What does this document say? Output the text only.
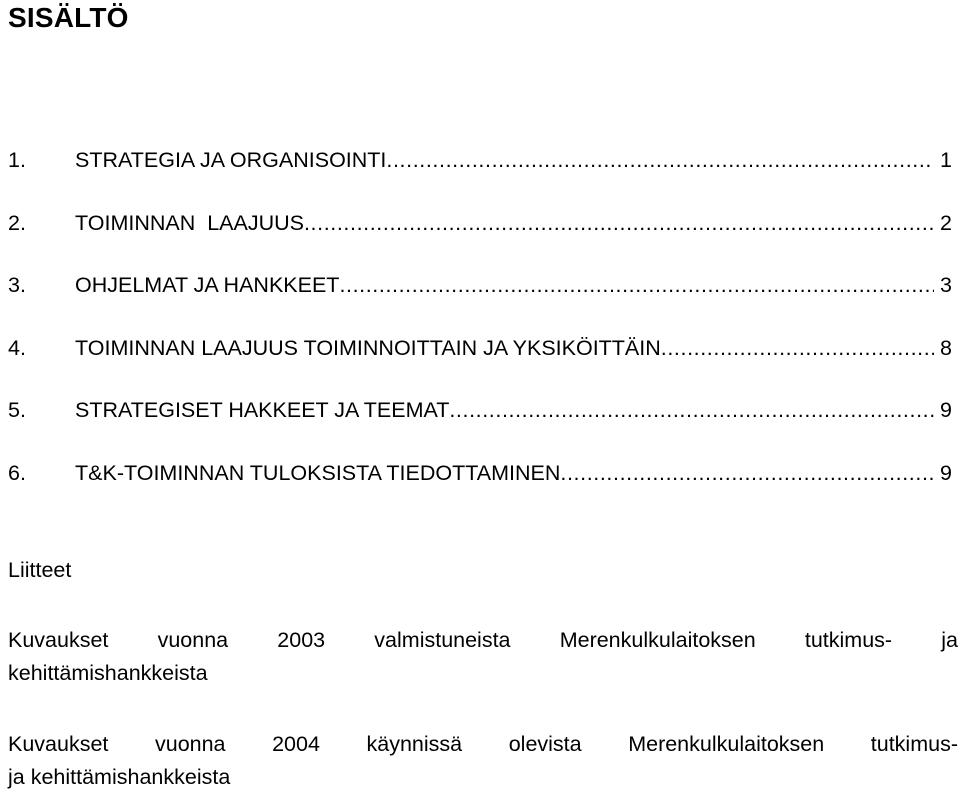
SISÄLTÖ
1.	STRATEGIA JA ORGANISOINTI .....	1
2.	TOIMINNAN  LAAJUUS .....	2
3.	OHJELMAT JA HANKKEET .....	3
4.	TOIMINNAN LAAJUUS TOIMINNOITTAIN JA YKSIKÖITTÄIN .....	8
5.	STRATEGISET HAKKEET JA TEEMAT .....	9
6.	T&K-TOIMINNAN TULOKSISTA TIEDOTTAMINEN .....	9
Liitteet
Kuvaukset vuonna 2003 valmistuneista Merenkulkulaitoksen tutkimus- ja
kehittämishankkeista
Kuvaukset vuonna 2004 käynnissä olevista Merenkulkulaitoksen tutkimus-
ja kehittämishankkeista
